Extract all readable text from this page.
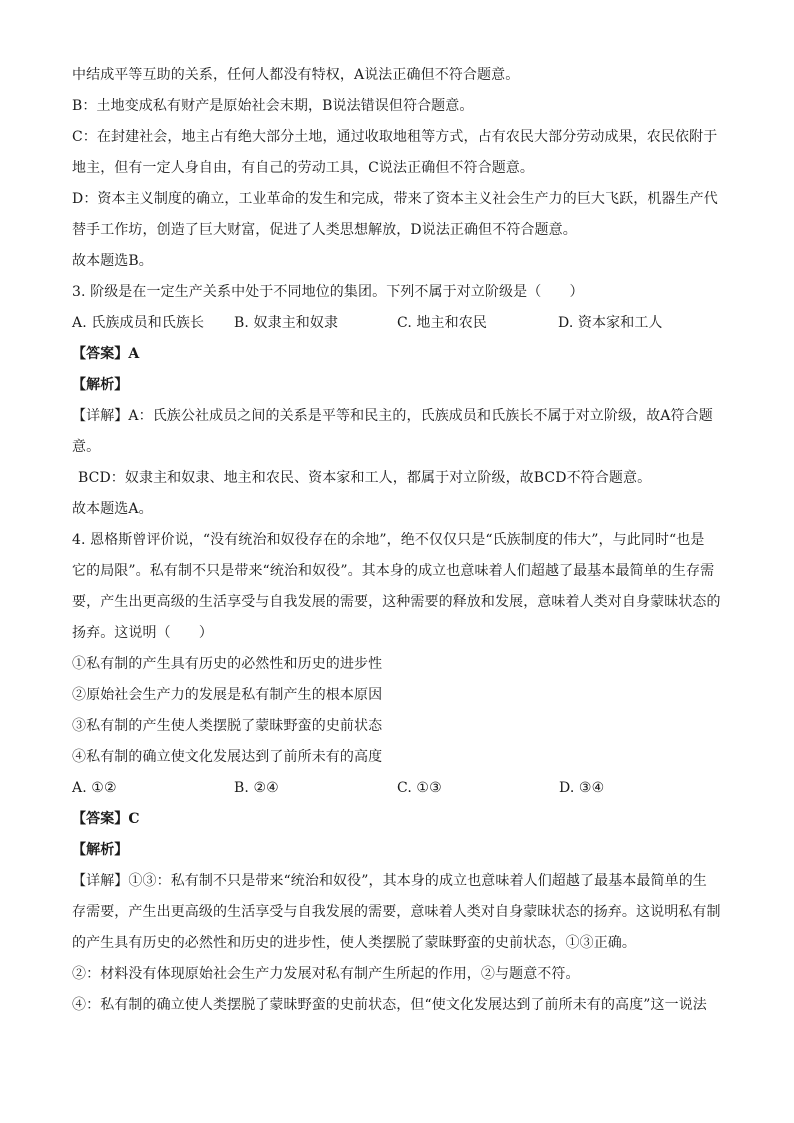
中结成平等互助的关系，任何人都没有特权，A说法正确但不符合题意。
B：土地变成私有财产是原始社会末期，B说法错误但符合题意。
C：在封建社会，地主占有绝大部分土地，通过收取地租等方式，占有农民大部分劳动成果，农民依附于
地主，但有一定人身自由，有自己的劳动工具，C说法正确但不符合题意。
D：资本主义制度的确立，工业革命的发生和完成，带来了资本主义社会生产力的巨大飞跃，机器生产代
替手工作坊，创造了巨大财富，促进了人类思想解放，D说法正确但不符合题意。
故本题选B。
3. 阶级是在一定生产关系中处于不同地位的集团。下列不属于对立阶级是（　　）
A. 氏族成员和氏族长	B. 奴隶主和奴隶	C. 地主和农民	D. 资本家和工人
【答案】A
【解析】
【详解】A：氏族公社成员之间的关系是平等和民主的，氏族成员和氏族长不属于对立阶级，故A符合题
意。
BCD：奴隶主和奴隶、地主和农民、资本家和工人，都属于对立阶级，故BCD不符合题意。
故本题选A。
4. 恩格斯曾评价说，“没有统治和奴役存在的余地”，绝不仅仅只是“氏族制度的伟大”，与此同时“也是
它的局限”。私有制不只是带来“统治和奴役”。其本身的成立也意味着人们超越了最基本最简单的生存需
要，产生出更高级的生活享受与自我发展的需要，这种需要的释放和发展，意味着人类对自身蒙昧状态的
扬弃。这说明（　　）
①私有制的产生具有历史的必然性和历史的进步性
②原始社会生产力的发展是私有制产生的根本原因
③私有制的产生使人类摆脱了蒙昧野蛮的史前状态
④私有制的确立使文化发展达到了前所未有的高度
A. ①②	B. ②④	C. ①③	D. ③④
【答案】C
【解析】
【详解】①③：私有制不只是带来“统治和奴役”，其本身的成立也意味着人们超越了最基本最简单的生
存需要，产生出更高级的生活享受与自我发展的需要，意味着人类对自身蒙昧状态的扬弃。这说明私有制
的产生具有历史的必然性和历史的进步性，使人类摆脱了蒙昧野蛮的史前状态，①③正确。
②：材料没有体现原始社会生产力发展对私有制产生所起的作用，②与题意不符。
④：私有制的确立使人类摆脱了蒙昧野蛮的史前状态，但“使文化发展达到了前所未有的高度”这一说法
